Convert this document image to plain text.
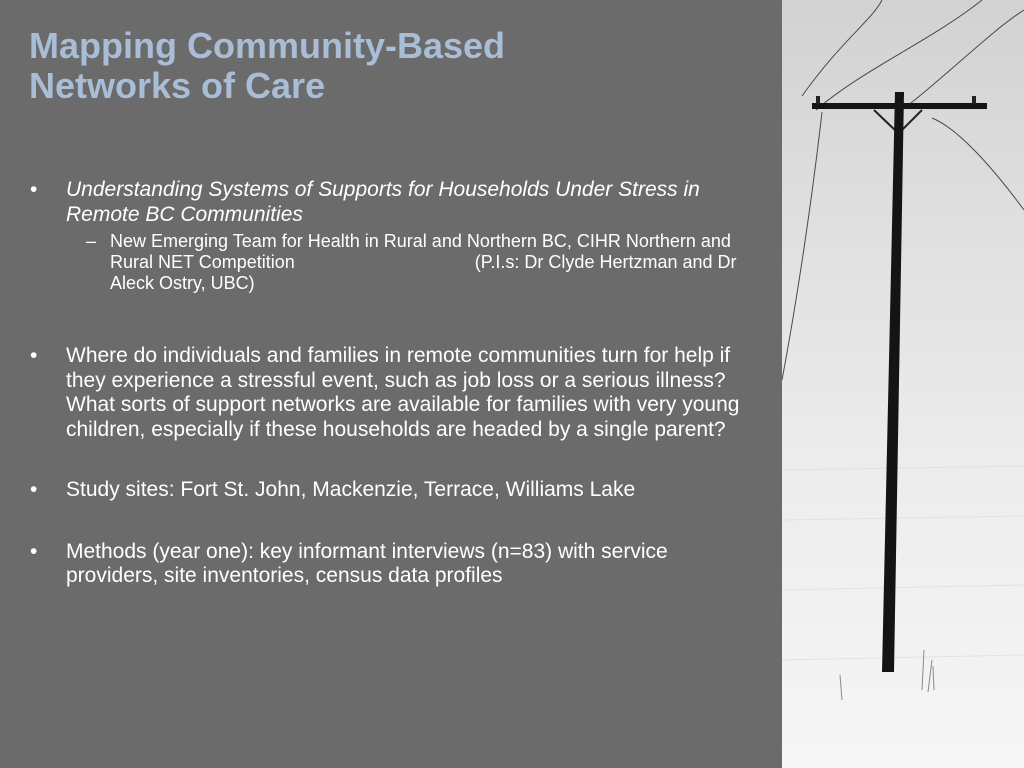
Mapping Community-Based
Networks of Care
• Understanding Systems of Supports for Households Under Stress in Remote BC Communities
– New Emerging Team for Health in Rural and Northern BC, CIHR Northern and Rural NET Competition	(P.I.s: Dr Clyde Hertzman and Dr Aleck Ostry, UBC)
• Where do individuals and families in remote communities turn for help if they experience a stressful event, such as job loss or a serious illness? What sorts of support networks are available for families with very young children, especially if these households are headed by a single parent?
• Study sites: Fort St. John, Mackenzie, Terrace, Williams Lake
• Methods (year one): key informant interviews (n=83) with service providers, site inventories, census data profiles
